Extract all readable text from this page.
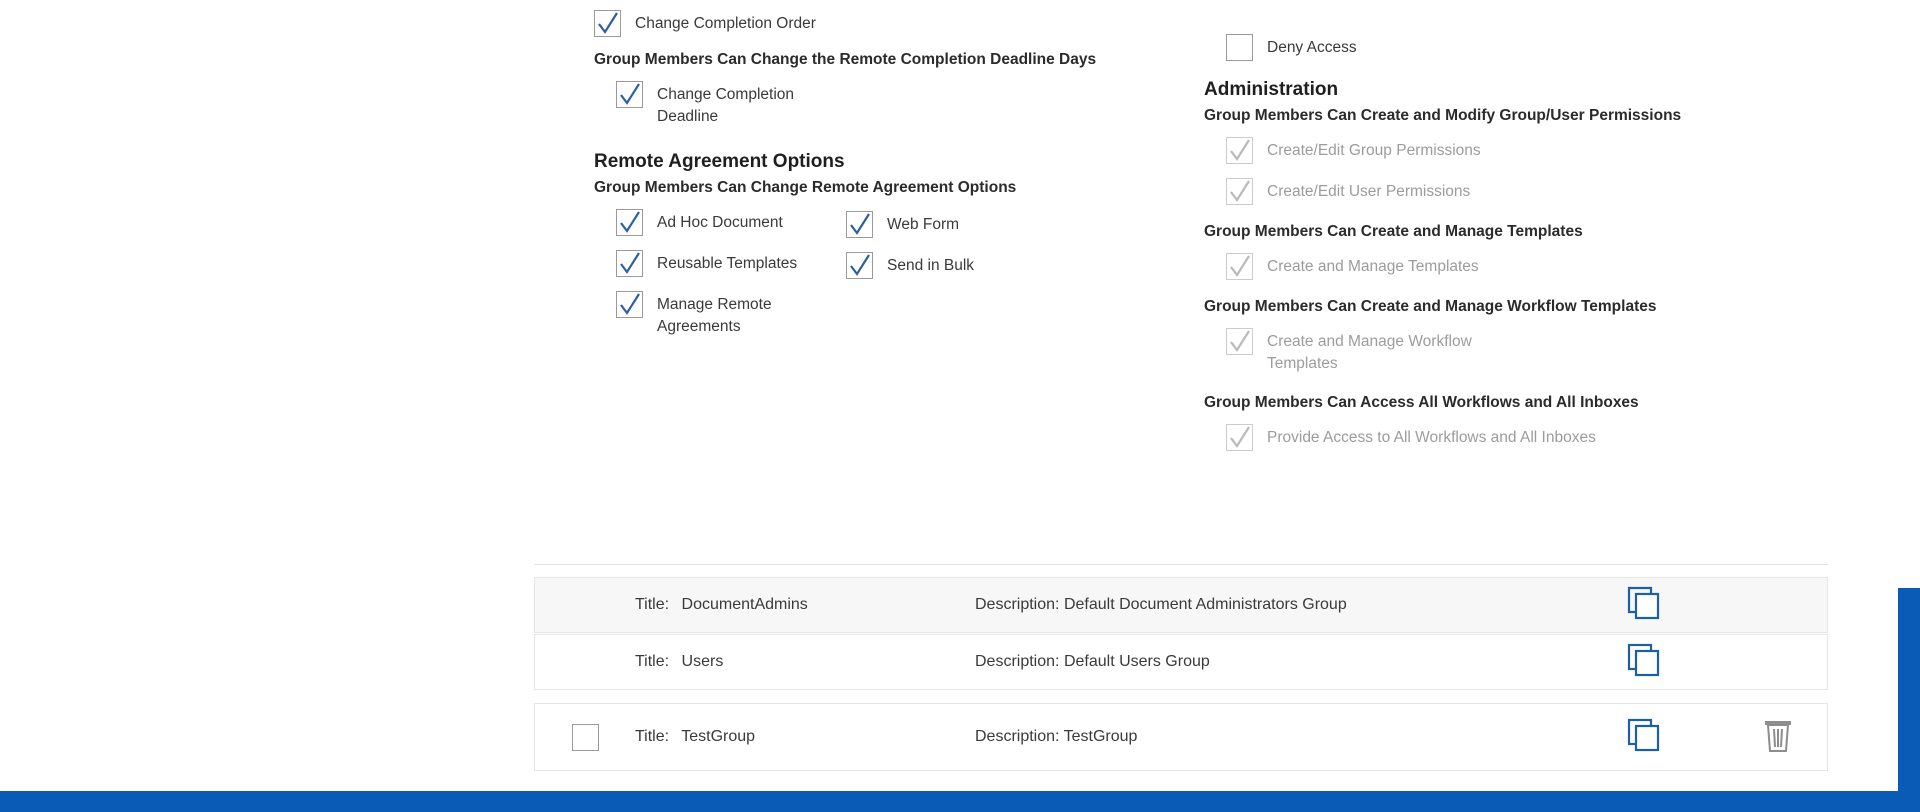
Change Completion Order
Group Members Can Change the Remote Completion Deadline Days
Change Completion Deadline
Remote Agreement Options
Group Members Can Change Remote Agreement Options
Ad Hoc Document
Reusable Templates
Manage Remote Agreements
Web Form
Send in Bulk
Deny Access
Administration
Group Members Can Create and Modify Group/User Permissions
Create/Edit Group Permissions
Create/Edit User Permissions
Group Members Can Create and Manage Templates
Create and Manage Templates
Group Members Can Create and Manage Workflow Templates
Create and Manage Workflow Templates
Group Members Can Access All Workflows and All Inboxes
Provide Access to All Workflows and All Inboxes
Title: DocumentAdmins	Description: Default Document Administrators Group
Title: Users	Description: Default Users Group
Title: TestGroup	Description: TestGroup
